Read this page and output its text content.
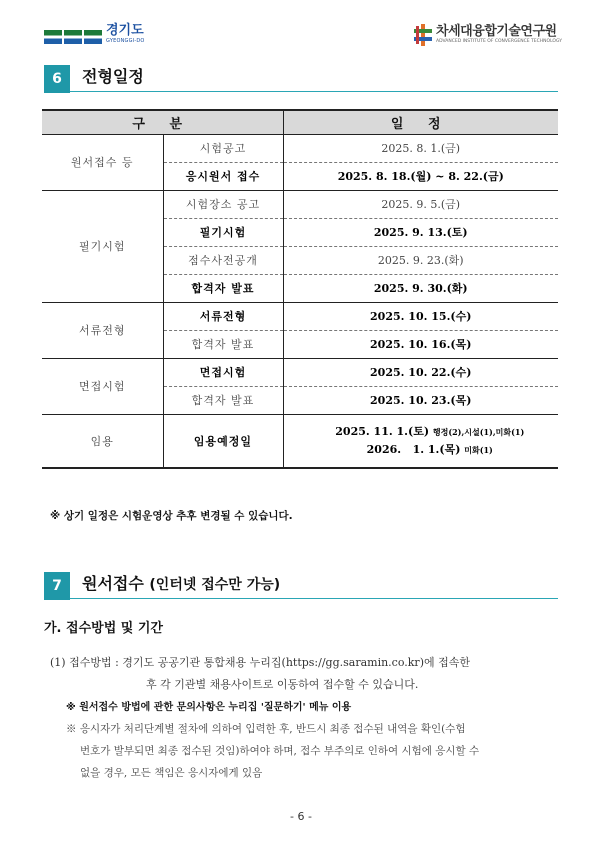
경기도
GYEONGGI-DO
차세대융합기술연구원
ADVANCED INSTITUTE OF CONVERGENCE TECHNOLOGY
6	전형일정
구 분		일 정
원서접수 등	시험공고	2025. 8. 1.(금)
	응시원서 접수	2025. 8. 18.(월) ~ 8. 22.(금)
필기시험	시험장소 공고	2025. 9. 5.(금)
	필기시험	2025. 9. 13.(토)
	점수사전공개	2025. 9. 23.(화)
	합격자 발표	2025. 9. 30.(화)
서류전형	서류전형	2025. 10. 15.(수)
	합격자 발표	2025. 10. 16.(목)
면접시험	면접시험	2025. 10. 22.(수)
	합격자 발표	2025. 10. 23.(목)
임용	임용예정일	2025. 11. 1.(토) 행정(2),시설(1),미화(1)
2026.   1. 1.(목) 미화(1)
※ 상기 일정은 시험운영상 추후 변경될 수 있습니다.
7	원서접수 (인터넷 접수만 가능)
가. 접수방법 및 기간
(1) 접수방법 : 경기도 공공기관 통합채용 누리집(https://gg.saramin.co.kr)에 접속한
후 각 기관별 채용사이트로 이동하여 접수할 수 있습니다.
※ 원서접수 방법에 관한 문의사항은 누리집 '질문하기' 메뉴 이용
※ 응시자가 처리단계별 절차에 의하여 입력한 후, 반드시 최종 접수된 내역을 확인(수험
번호가 발부되면 최종 접수된 것임)하여야 하며, 접수 부주의로 인하여 시험에 응시할 수
없을 경우, 모든 책임은 응시자에게 있음
- 6 -
